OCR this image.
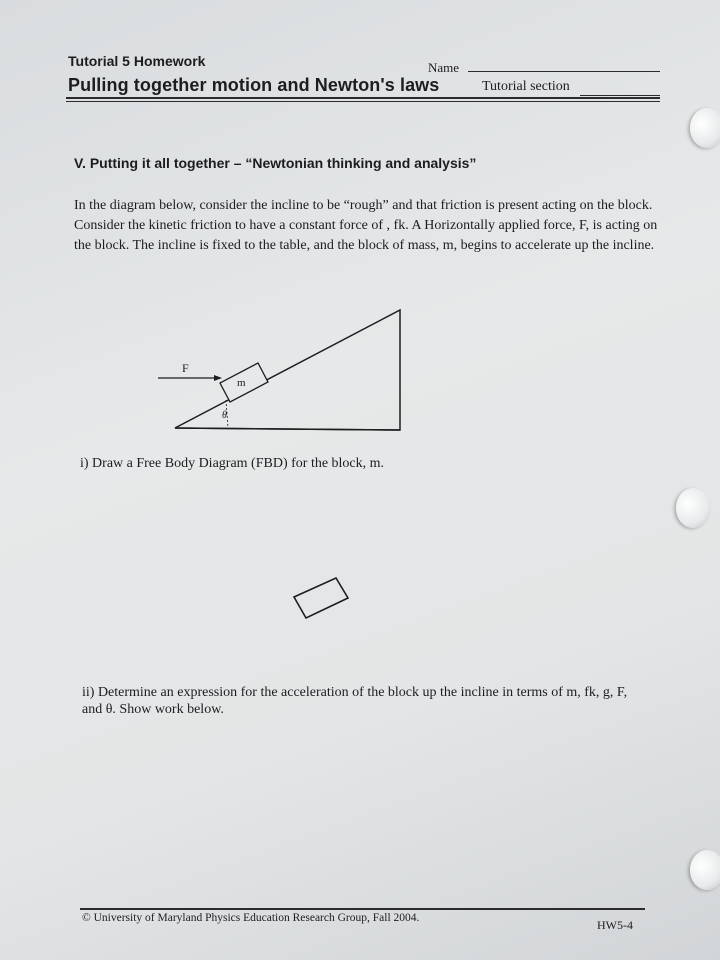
Tutorial 5 Homework
Pulling together motion and Newton's laws
Name
Tutorial section
V. Putting it all together – “Newtonian thinking and analysis”
In the diagram below, consider the incline to be “rough” and that friction is present acting on the block. Consider the kinetic friction to have a constant force of , fk. A Horizontally applied force, F, is acting on the block. The incline is fixed to the table, and the block of mass, m, begins to accelerate up the incline.
F
m
θ
i) Draw a Free Body Diagram (FBD) for the block, m.
ii) Determine an expression for the acceleration of the block up the incline in terms of m, fk, g, F, and θ. Show work below.
© University of Maryland Physics Education Research Group, Fall 2004.	HW5-4
